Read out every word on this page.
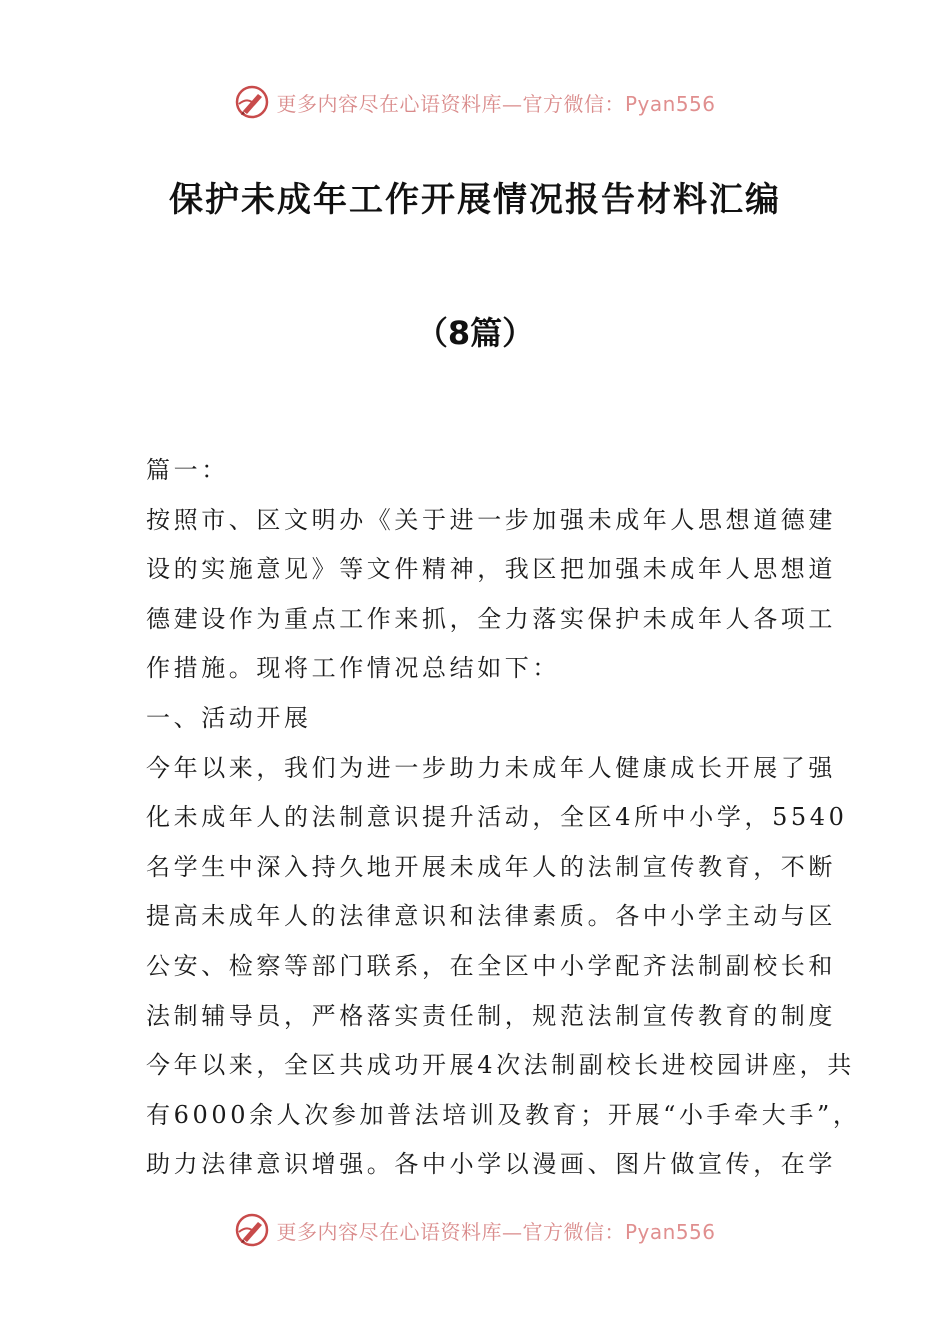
更多内容尽在心语资料库—官方微信：Pyan556
保护未成年工作开展情况报告材料汇编
（8篇）
篇一：
按照市、区文明办《关于进一步加强未成年人思想道德建
设的实施意见》等文件精神，我区把加强未成年人思想道
德建设作为重点工作来抓，全力落实保护未成年人各项工
作措施。现将工作情况总结如下：
一、活动开展
今年以来，我们为进一步助力未成年人健康成长开展了强
化未成年人的法制意识提升活动，全区4所中小学，5540
名学生中深入持久地开展未成年人的法制宣传教育，不断
提高未成年人的法律意识和法律素质。各中小学主动与区
公安、检察等部门联系，在全区中小学配齐法制副校长和
法制辅导员，严格落实责任制，规范法制宣传教育的制度
今年以来，全区共成功开展4次法制副校长进校园讲座，共
有6000余人次参加普法培训及教育；开展“小手牵大手”，
助力法律意识增强。各中小学以漫画、图片做宣传，在学
更多内容尽在心语资料库—官方微信：Pyan556
